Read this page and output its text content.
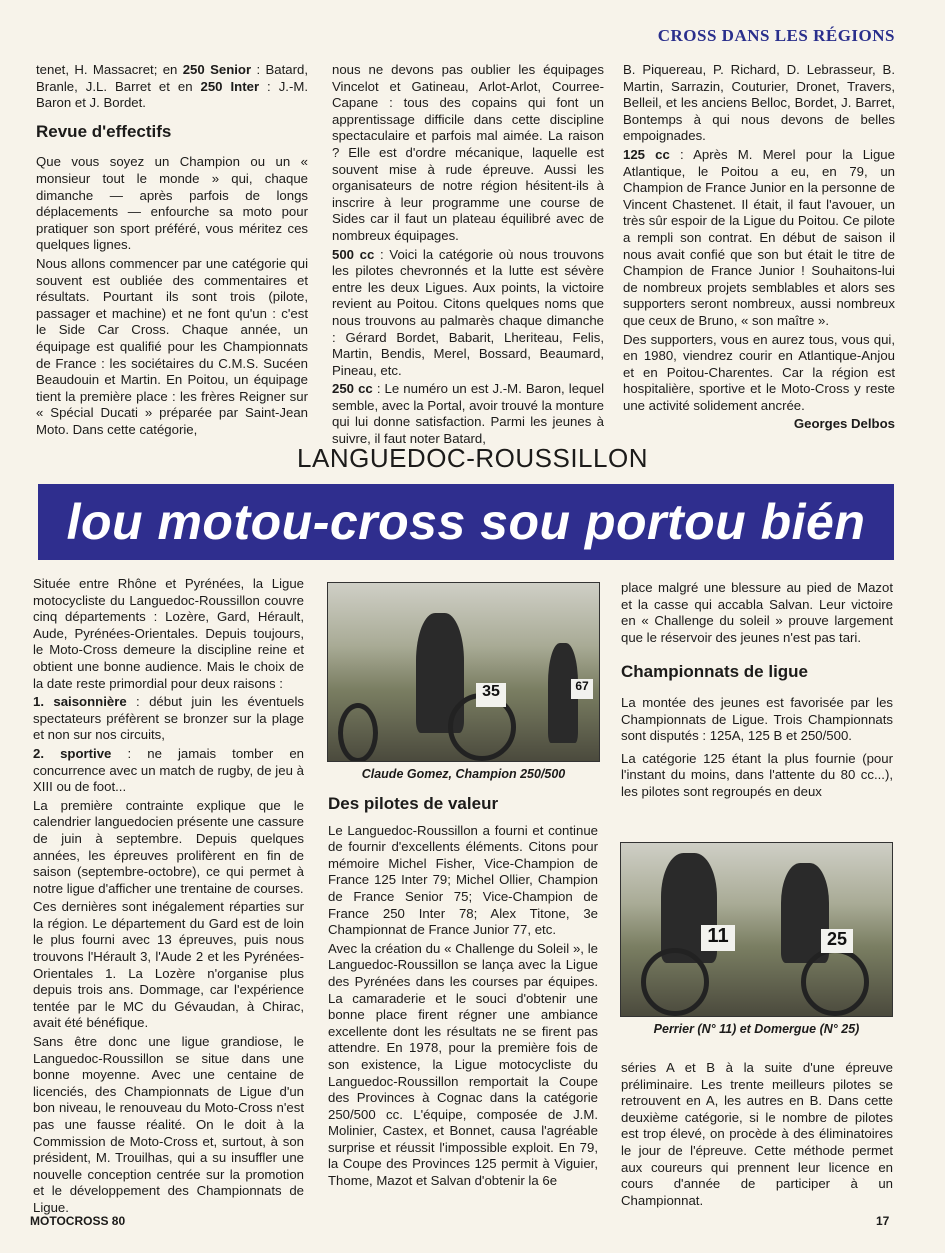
CROSS DANS LES RÉGIONS

tenet, H. Massacret; en 250 Senior : Batard, Branle, J.L. Barret et en 250 Inter : J.-M. Baron et J. Bordet.

Revue d'effectifs

Que vous soyez un Champion ou un « monsieur tout le monde » qui, chaque dimanche — après parfois de longs déplacements — enfourche sa moto pour pratiquer son sport préféré, vous méritez ces quelques lignes.

Nous allons commencer par une catégorie qui souvent est oubliée des commentaires et résultats. Pourtant ils sont trois (pilote, passager et machine) et ne font qu'un : c'est le Side Car Cross. Chaque année, un équipage est qualifié pour les Championnats de France : les sociétaires du C.M.S. Sucéen Beaudouin et Martin. En Poitou, un équipage tient la première place : les frères Reigner sur « Spécial Ducati » préparée par Saint-Jean Moto. Dans cette catégorie,

nous ne devons pas oublier les équipages Vincelot et Gatineau, Arlot-Arlot, Courree-Capane : tous des copains qui font un apprentissage difficile dans cette discipline spectaculaire et parfois mal aimée. La raison ? Elle est d'ordre mécanique, laquelle est souvent mise à rude épreuve. Aussi les organisateurs de notre région hésitent-ils à inscrire à leur programme une course de Sides car il faut un plateau équilibré avec de nombreux équipages.

500 cc : Voici la catégorie où nous trouvons les pilotes chevronnés et la lutte est sévère entre les deux Ligues. Aux points, la victoire revient au Poitou. Citons quelques noms que nous trouvons au palmarès chaque dimanche : Gérard Bordet, Babarit, Lheriteau, Felis, Martin, Bendis, Merel, Bossard, Beaumard, Pineau, etc.

250 cc : Le numéro un est J.-M. Baron, lequel semble, avec la Portal, avoir trouvé la monture qui lui donne satisfaction. Parmi les jeunes à suivre, il faut noter Batard,

B. Piquereau, P. Richard, D. Lebrasseur, B. Martin, Sarrazin, Couturier, Dronet, Travers, Belleil, et les anciens Belloc, Bordet, J. Barret, Bontemps à qui nous devons de belles empoignades.

125 cc : Après M. Merel pour la Ligue Atlantique, le Poitou a eu, en 79, un Champion de France Junior en la personne de Vincent Chastenet. Il était, il faut l'avouer, un très sûr espoir de la Ligue du Poitou. Ce pilote a rempli son contrat. En début de saison il nous avait confié que son but était le titre de Champion de France Junior ! Souhaitons-lui de nombreux projets semblables et alors ses supporters seront nombreux, aussi nombreux que ceux de Bruno, « son maître ».

Des supporters, vous en aurez tous, vous qui, en 1980, viendrez courir en Atlantique-Anjou et en Poitou-Charentes. Car la région est hospitalière, sportive et le Moto-Cross y reste une activité solidement ancrée.

Georges Delbos
LANGUEDOC-ROUSSILLON
lou motou-cross sou portou bién

Située entre Rhône et Pyrénées, la Ligue motocycliste du Languedoc-Roussillon couvre cinq départements : Lozère, Gard, Hérault, Aude, Pyrénées-Orientales. Depuis toujours, le Moto-Cross demeure la discipline reine et obtient une bonne audience. Mais le choix de la date reste primordial pour deux raisons :

1. saisonnière : début juin les éventuels spectateurs préfèrent se bronzer sur la plage et non sur nos circuits,

2. sportive : ne jamais tomber en concurrence avec un match de rugby, de jeu à XIII ou de foot...

La première contrainte explique que le calendrier languedocien présente une cassure de juin à septembre. Depuis quelques années, les épreuves prolifèrent en fin de saison (septembre-octobre), ce qui permet à notre ligue d'afficher une trentaine de courses.

Ces dernières sont inégalement réparties sur la région. Le département du Gard est de loin le plus fourni avec 13 épreuves, puis nous trouvons l'Hérault 3, l'Aude 2 et les Pyrénées-Orientales 1. La Lozère n'organise plus depuis trois ans. Dommage, car l'expérience tentée par le MC du Gévaudan, à Chirac, avait été bénéfique.

Sans être donc une ligue grandiose, le Languedoc-Roussillon se situe dans une bonne moyenne. Avec une centaine de licenciés, des Championnats de Ligue d'un bon niveau, le renouveau du Moto-Cross n'est pas une fausse réalité. On le doit à la Commission de Moto-Cross et, surtout, à son président, M. Trouilhas, qui a su insuffler une nouvelle conception centrée sur la promotion et le développement des Championnats de Ligue.

35	67
Claude Gomez, Champion 250/500
Des pilotes de valeur

Le Languedoc-Roussillon a fourni et continue de fournir d'excellents éléments. Citons pour mémoire Michel Fisher, Vice-Champion de France 125 Inter 79; Michel Ollier, Champion de France Senior 75; Vice-Champion de France 250 Inter 78; Alex Titone, 3e Championnat de France Junior 77, etc.

Avec la création du « Challenge du Soleil », le Languedoc-Roussillon se lança avec la Ligue des Pyrénées dans les courses par équipes. La camaraderie et le souci d'obtenir une bonne place firent régner une ambiance excellente dont les résultats ne se firent pas attendre. En 1978, pour la première fois de son existence, la Ligue motocycliste du Languedoc-Roussillon remportait la Coupe des Provinces à Cognac dans la catégorie 250/500 cc. L'équipe, composée de J.M. Molinier, Castex, et Bonnet, causa l'agréable surprise et réussit l'impossible exploit. En 79, la Coupe des Provinces 125 permit à Viguier, Thome, Mazot et Salvan d'obtenir la 6e

place malgré une blessure au pied de Mazot et la casse qui accabla Salvan. Leur victoire en « Challenge du soleil » prouve largement que le réservoir des jeunes n'est pas tari.

Championnats de ligue

La montée des jeunes est favorisée par les Championnats de Ligue. Trois Championnats sont disputés : 125A, 125 B et 250/500.

La catégorie 125 étant la plus fournie (pour l'instant du moins, dans l'attente du 80 cc...), les pilotes sont regroupés en deux

11	25
Perrier (N° 11) et Domergue (N° 25)

séries A et B à la suite d'une épreuve préliminaire. Les trente meilleurs pilotes se retrouvent en A, les autres en B. Dans cette deuxième catégorie, si le nombre de pilotes est trop élevé, on procède à des éliminatoires le jour de l'épreuve. Cette méthode permet aux coureurs qui prennent leur licence en cours d'année de participer à un Championnat.

MOTOCROSS 80	17
